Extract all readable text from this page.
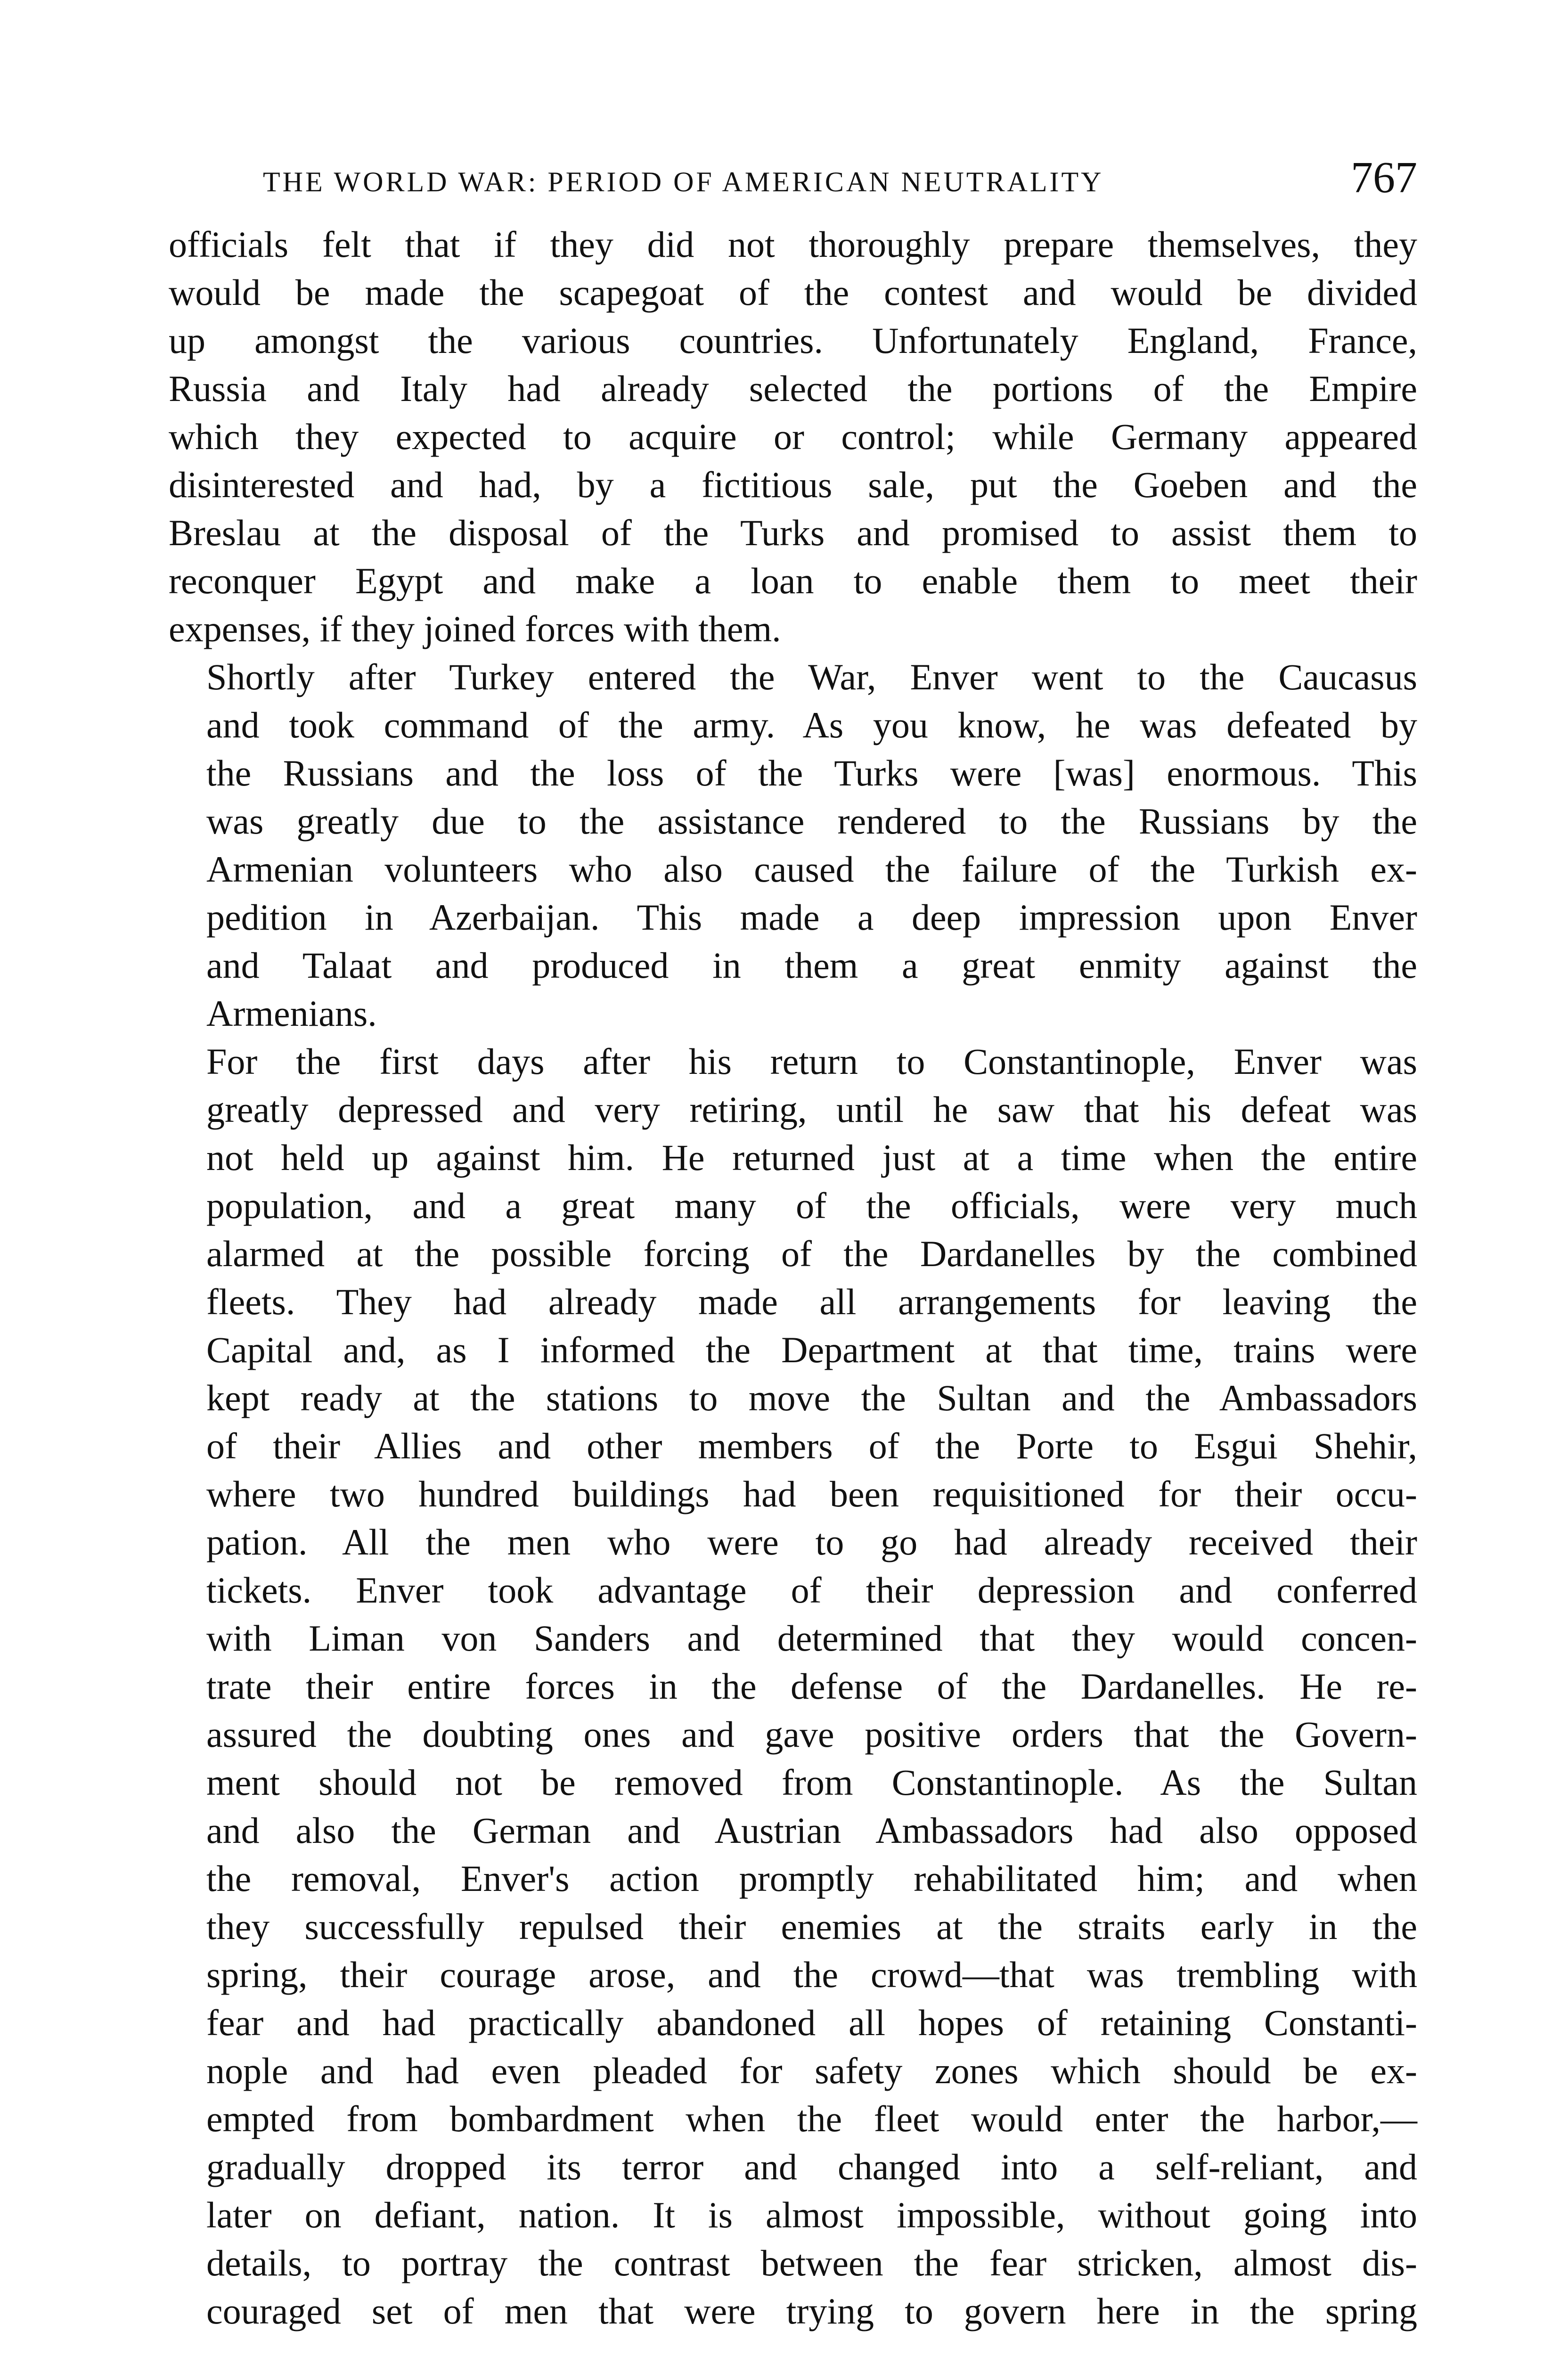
THE WORLD WAR: PERIOD OF AMERICAN NEUTRALITY	767

officials felt that if they did not thoroughly prepare themselves, they
would be made the scapegoat of the contest and would be divided
up amongst the various countries. Unfortunately England, France,
Russia and Italy had already selected the portions of the Empire
which they expected to acquire or control; while Germany appeared
disinterested and had, by a fictitious sale, put the Goeben and the
Breslau at the disposal of the Turks and promised to assist them to
reconquer Egypt and make a loan to enable them to meet their
expenses, if they joined forces with them.

Shortly after Turkey entered the War, Enver went to the Caucasus
and took command of the army. As you know, he was defeated by
the Russians and the loss of the Turks were [was] enormous. This
was greatly due to the assistance rendered to the Russians by the
Armenian volunteers who also caused the failure of the Turkish ex-
pedition in Azerbaijan. This made a deep impression upon Enver
and Talaat and produced in them a great enmity against the
Armenians.

For the first days after his return to Constantinople, Enver was
greatly depressed and very retiring, until he saw that his defeat was
not held up against him. He returned just at a time when the entire
population, and a great many of the officials, were very much
alarmed at the possible forcing of the Dardanelles by the combined
fleets. They had already made all arrangements for leaving the
Capital and, as I informed the Department at that time, trains were
kept ready at the stations to move the Sultan and the Ambassadors
of their Allies and other members of the Porte to Esgui Shehir,
where two hundred buildings had been requisitioned for their occu-
pation. All the men who were to go had already received their
tickets. Enver took advantage of their depression and conferred
with Liman von Sanders and determined that they would concen-
trate their entire forces in the defense of the Dardanelles. He re-
assured the doubting ones and gave positive orders that the Govern-
ment should not be removed from Constantinople. As the Sultan
and also the German and Austrian Ambassadors had also opposed
the removal, Enver's action promptly rehabilitated him; and when
they successfully repulsed their enemies at the straits early in the
spring, their courage arose, and the crowd—that was trembling with
fear and had practically abandoned all hopes of retaining Constanti-
nople and had even pleaded for safety zones which should be ex-
empted from bombardment when the fleet would enter the harbor,—
gradually dropped its terror and changed into a self-reliant, and
later on defiant, nation. It is almost impossible, without going into
details, to portray the contrast between the fear stricken, almost dis-
couraged set of men that were trying to govern here in the spring
